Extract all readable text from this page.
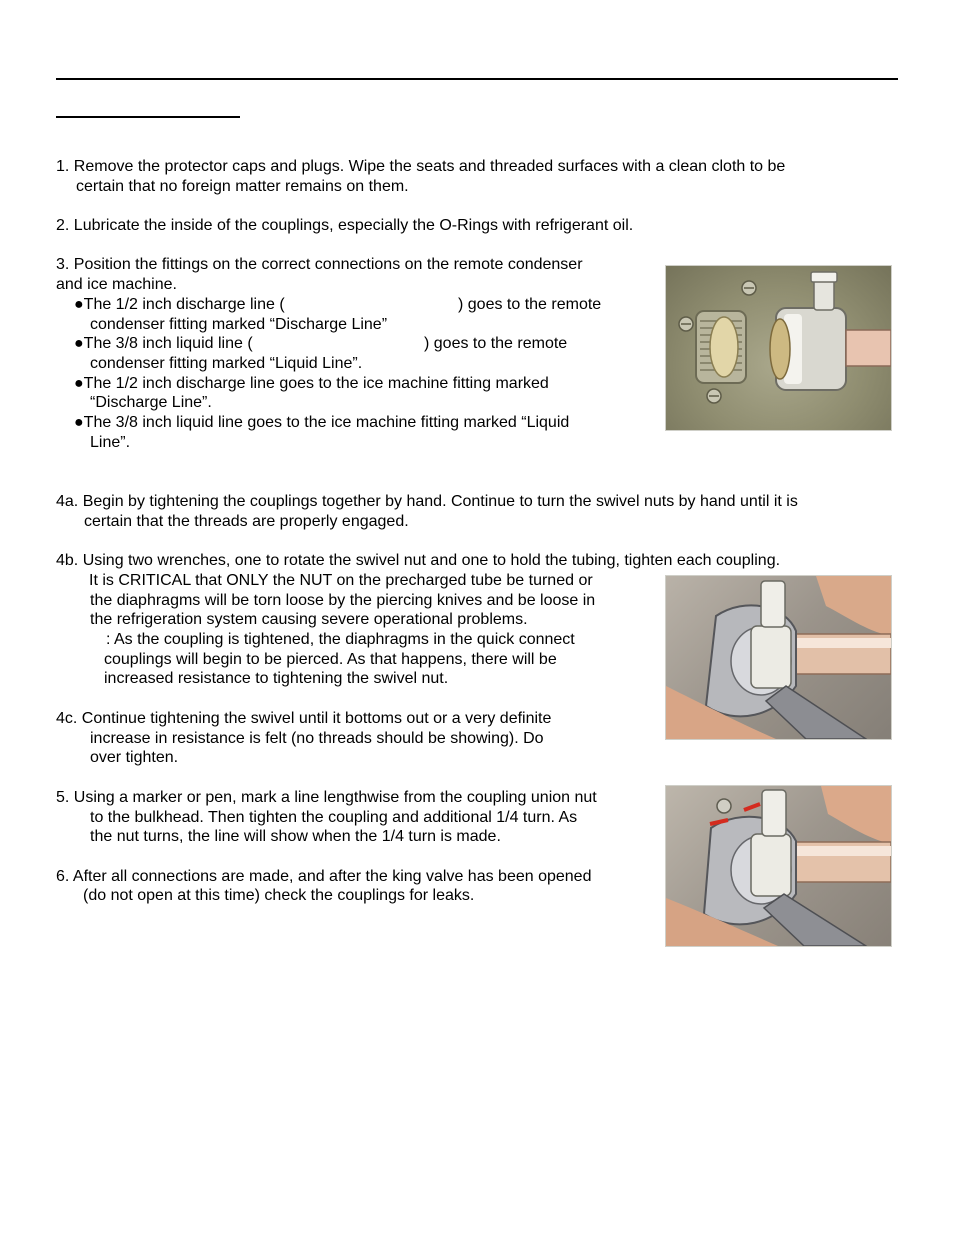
1. Remove the protector caps and plugs. Wipe the seats and threaded surfaces with a clean cloth to be
certain that no foreign matter remains on them.
2. Lubricate the inside of the couplings, especially the O-Rings with refrigerant oil.
3. Position the fittings on the correct connections on the remote condenser
and ice machine.
●The 1/2 inch discharge line (	) goes to the remote
condenser fitting marked “Discharge Line”
●The 3/8 inch liquid line (	) goes to the remote
condenser fitting marked “Liquid Line”.
●The 1/2 inch discharge line goes to the ice machine fitting marked
“Discharge Line”.
●The 3/8 inch liquid line goes to the ice machine fitting marked “Liquid
Line”.
4a. Begin by tightening the couplings together by hand. Continue to turn the swivel nuts by hand until it is
certain that the threads are properly engaged.
4b. Using two wrenches, one to rotate the swivel nut and one to hold the tubing, tighten each coupling.
It is CRITICAL that ONLY the NUT on the precharged tube be turned or
the diaphragms will be torn loose by the piercing knives and be loose in
the refrigeration system causing severe operational problems.
: As the coupling is tightened, the diaphragms in the quick connect
couplings will begin to be pierced. As that happens, there will be
increased resistance to tightening the swivel nut.
4c. Continue tightening the swivel until it bottoms out or a very definite
increase in resistance is felt (no threads should be showing). Do
over tighten.
5. Using a marker or pen, mark a line lengthwise from the coupling union nut
to the bulkhead. Then tighten the coupling and additional 1/4 turn. As
the nut turns, the line will show when the 1/4 turn is made.
6. After all connections are made, and after the king valve has been opened
(do not open at this time) check the couplings for leaks.
